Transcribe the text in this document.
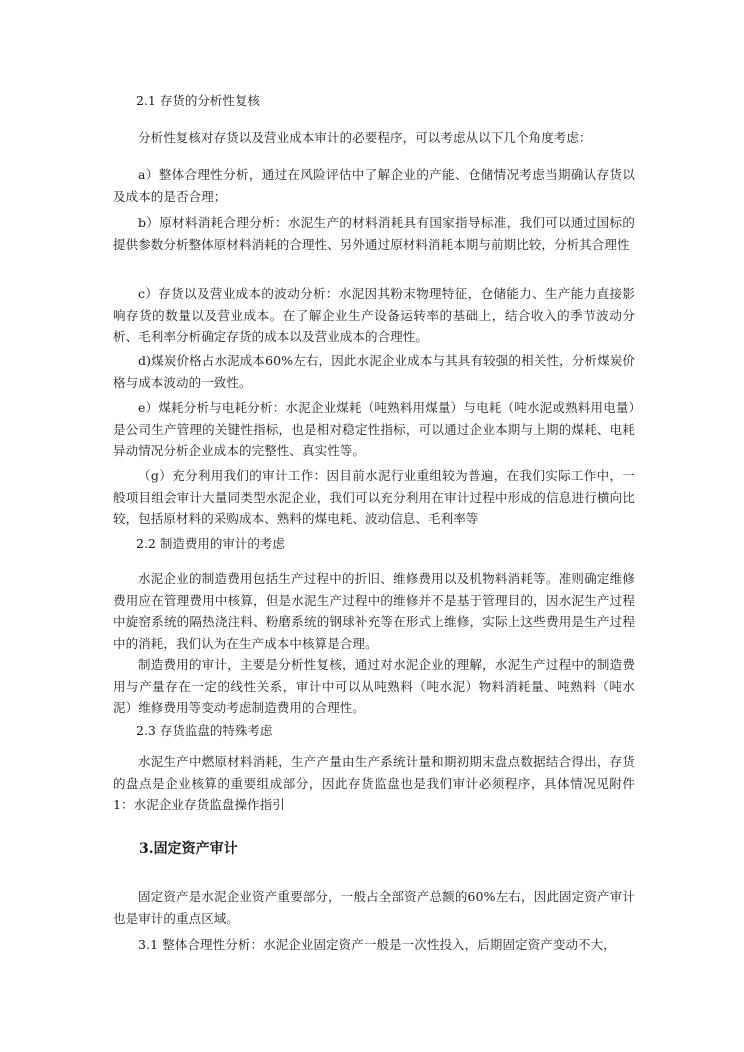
2.1 存货的分析性复核

分析性复核对存货以及营业成本审计的必要程序，可以考虑从以下几个角度考虑：

a）整体合理性分析，通过在风险评估中了解企业的产能、仓储情况考虑当期确认存货以及成本的是否合理；

b）原材料消耗合理分析：水泥生产的材料消耗具有国家指导标准，我们可以通过国标的提供参数分析整体原材料消耗的合理性、另外通过原材料消耗本期与前期比较，分析其合理性

c）存货以及营业成本的波动分析：水泥因其粉末物理特征，仓储能力、生产能力直接影响存货的数量以及营业成本。在了解企业生产设备运转率的基础上，结合收入的季节波动分析、毛利率分析确定存货的成本以及营业成本的合理性。

d)煤炭价格占水泥成本60%左右，因此水泥企业成本与其具有较强的相关性，分析煤炭价格与成本波动的一致性。

e）煤耗分析与电耗分析：水泥企业煤耗（吨熟料用煤量）与电耗（吨水泥或熟料用电量）是公司生产管理的关键性指标，也是相对稳定性指标，可以通过企业本期与上期的煤耗、电耗异动情况分析企业成本的完整性、真实性等。

（g）充分利用我们的审计工作：因目前水泥行业重组较为普遍，在我们实际工作中，一般项目组会审计大量同类型水泥企业，我们可以充分利用在审计过程中形成的信息进行横向比较，包括原材料的采购成本、熟料的煤电耗、波动信息、毛利率等

2.2 制造费用的审计的考虑

水泥企业的制造费用包括生产过程中的折旧、维修费用以及机物料消耗等。准则确定维修费用应在管理费用中核算，但是水泥生产过程中的维修并不是基于管理目的，因水泥生产过程中旋窑系统的隔热浇注料、粉磨系统的钢球补充等在形式上维修，实际上这些费用是生产过程中的消耗，我们认为在生产成本中核算是合理。

制造费用的审计，主要是分析性复核，通过对水泥企业的理解，水泥生产过程中的制造费用与产量存在一定的线性关系，审计中可以从吨熟料（吨水泥）物料消耗量、吨熟料（吨水泥）维修费用等变动考虑制造费用的合理性。

2.3 存货监盘的特殊考虑

水泥生产中燃原材料消耗，生产产量由生产系统计量和期初期末盘点数据结合得出，存货的盘点是企业核算的重要组成部分，因此存货监盘也是我们审计必须程序，具体情况见附件1：水泥企业存货监盘操作指引

3.固定资产审计

固定资产是水泥企业资产重要部分，一般占全部资产总额的60%左右，因此固定资产审计也是审计的重点区域。

3.1 整体合理性分析：水泥企业固定资产一般是一次性投入，后期固定资产变动不大，
